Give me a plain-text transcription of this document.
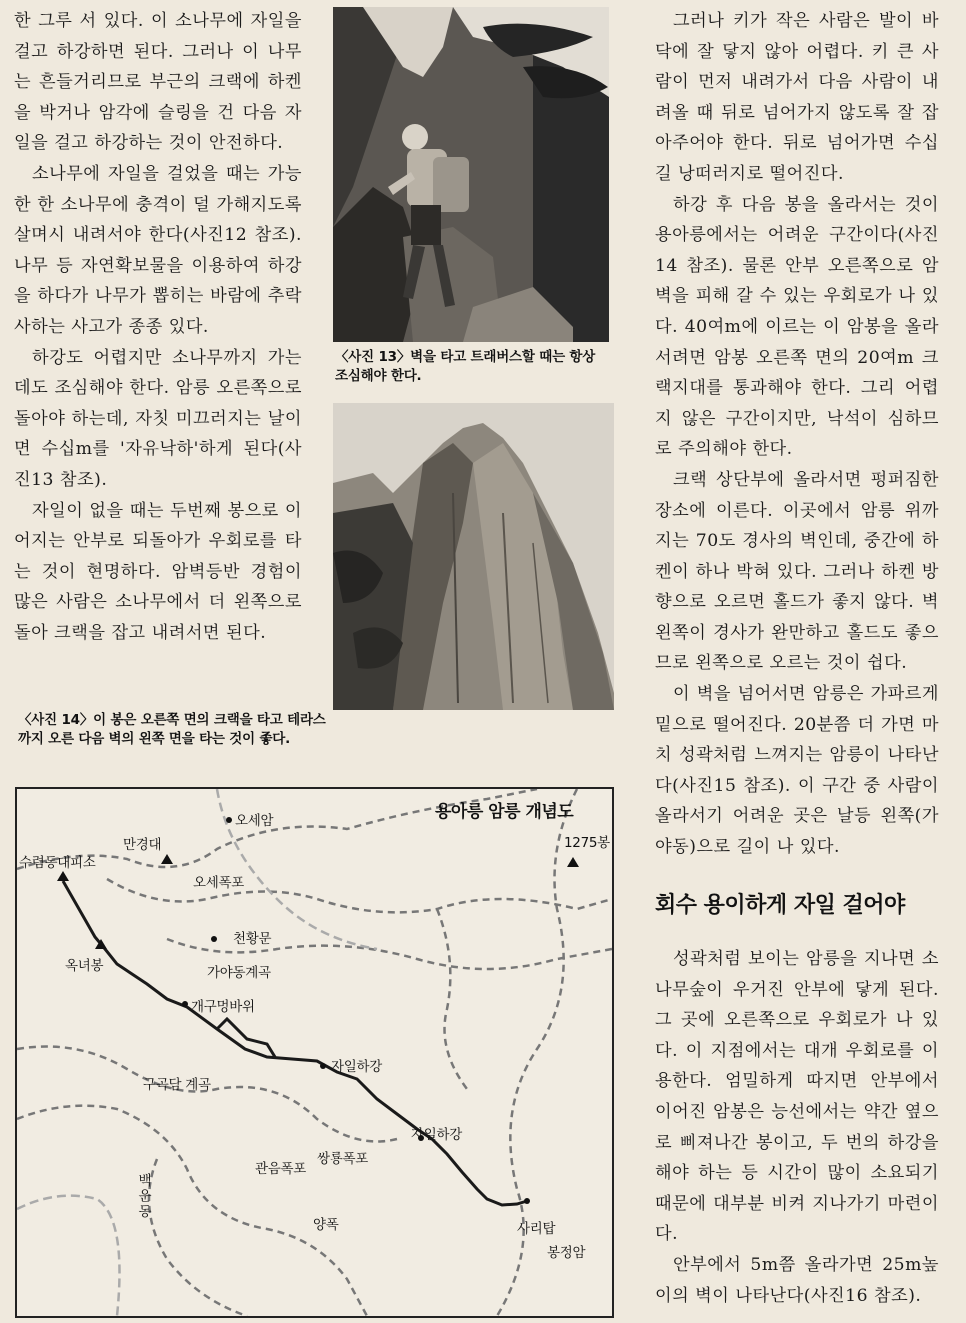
한 그루 서 있다. 이 소나무에 자일을 걸고 하강하면 된다. 그러나 이 나무는 흔들거리므로 부근의 크랙에 하켄을 박거나 암각에 슬링을 건 다음 자일을 걸고 하강하는 것이 안전하다.

소나무에 자일을 걸었을 때는 가능한 한 소나무에 충격이 덜 가해지도록 살며시 내려서야 한다(사진12 참조). 나무 등 자연확보물을 이용하여 하강을 하다가 나무가 뽑히는 바람에 추락사하는 사고가 종종 있다.

하강도 어렵지만 소나무까지 가는데도 조심해야 한다. 암릉 오른쪽으로 돌아야 하는데, 자칫 미끄러지는 날이면 수십m를 '자유낙하'하게 된다(사진13 참조).

자일이 없을 때는 두번째 봉으로 이어지는 안부로 되돌아가 우회로를 타는 것이 현명하다. 암벽등반 경험이 많은 사람은 소나무에서 더 왼쪽으로 돌아 크랙을 잡고 내려서면 된다.

〈사진 14〉이 봉은 오른쪽 면의 크랙을 타고 테라스까지 오른 다음 벽의 왼쪽 면을 타는 것이 좋다.
〈사진 13〉벽을 타고 트래버스할 때는 항상 조심해야 한다.

그러나 키가 작은 사람은 발이 바닥에 잘 닿지 않아 어렵다. 키 큰 사람이 먼저 내려가서 다음 사람이 내려올 때 뒤로 넘어가지 않도록 잘 잡아주어야 한다. 뒤로 넘어가면 수십길 낭떠러지로 떨어진다.

하강 후 다음 봉을 올라서는 것이 용아릉에서는 어려운 구간이다(사진14 참조). 물론 안부 오른쪽으로 암벽을 피해 갈 수 있는 우회로가 나 있다. 40여m에 이르는 이 암봉을 올라서려면 암봉 오른쪽 면의 20여m 크랙지대를 통과해야 한다. 그리 어렵지 않은 구간이지만, 낙석이 심하므로 주의해야 한다.

크랙 상단부에 올라서면 펑퍼짐한 장소에 이른다. 이곳에서 암릉 위까지는 70도 경사의 벽인데, 중간에 하켄이 하나 박혀 있다. 그러나 하켄 방향으로 오르면 홀드가 좋지 않다. 벽 왼쪽이 경사가 완만하고 홀드도 좋으므로 왼쪽으로 오르는 것이 쉽다.

이 벽을 넘어서면 암릉은 가파르게 밑으로 떨어진다. 20분쯤 더 가면 마치 성곽처럼 느껴지는 암릉이 나타난다(사진15 참조). 이 구간 중 사람이 올라서기 어려운 곳은 날등 왼쪽(가야동)으로 길이 나 있다.

회수 용이하게 자일 걸어야

성곽처럼 보이는 암릉을 지나면 소나무숲이 우거진 안부에 닿게 된다. 그 곳에 오른쪽으로 우회로가 나 있다. 이 지점에서는 대개 우회로를 이용한다. 엄밀하게 따지면 안부에서 이어진 암봉은 능선에서는 약간 옆으로 삐져나간 봉이고, 두 번의 하강을 해야 하는 등 시간이 많이 소요되기 때문에 대부분 비켜 지나가기 마련이다.

안부에서 5m쯤 올라가면 25m높이의 벽이 나타난다(사진16 참조).

용아릉 암릉 개념도
오세암
만경대	1275봉
수렴동대피소
오세폭포
천황문
옥녀봉	가야동계곡
개구멍바위
자일하강
구곡담 계곡
자일하강
쌍룡폭포
관음폭포
백운동
양폭	사리탑
봉정암
